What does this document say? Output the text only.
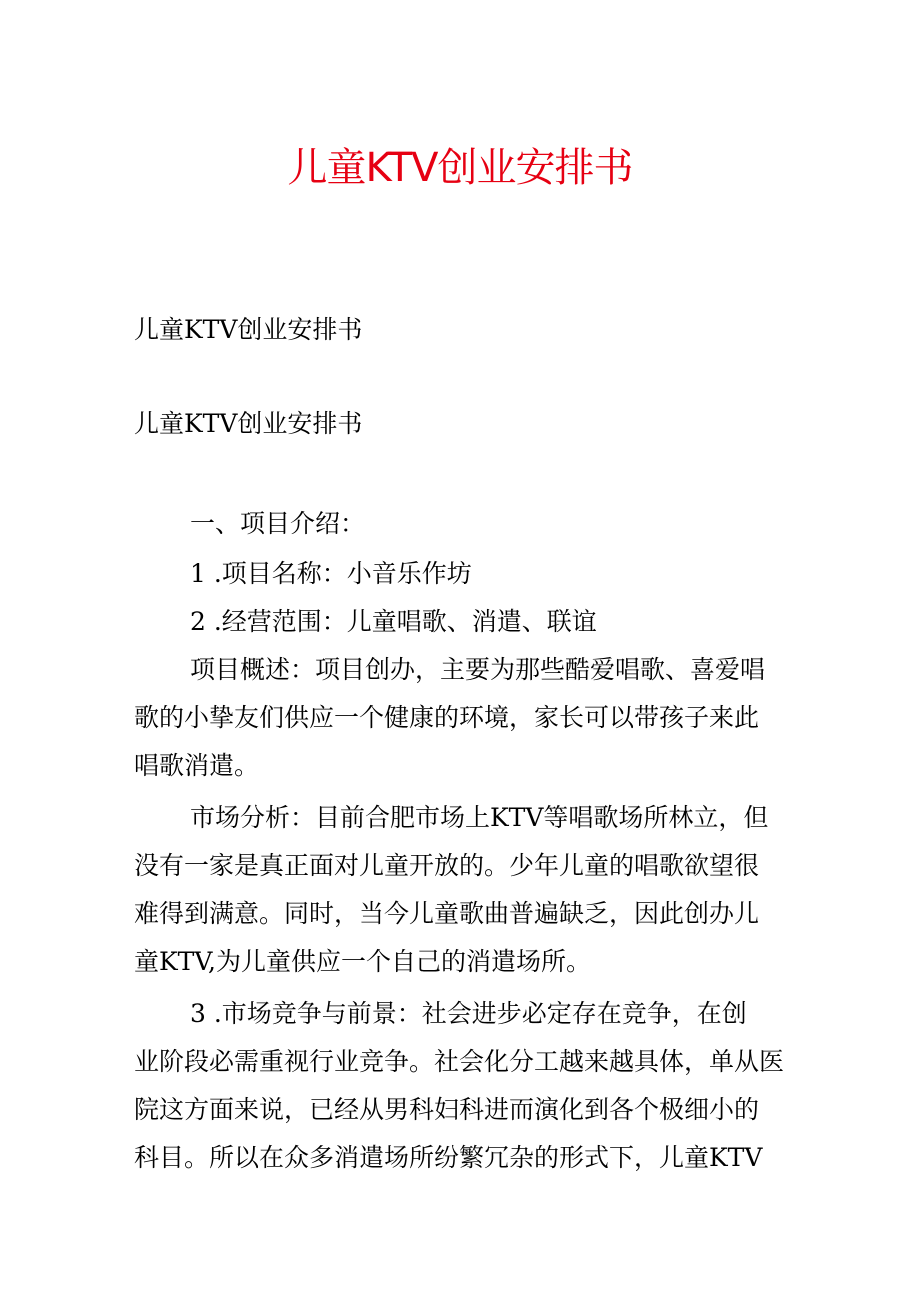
儿童KTV创业安排书
儿童KTV创业安排书
儿童KTV创业安排书
一、项目介绍：
1 .项目名称：小音乐作坊
2 .经营范围：儿童唱歌、消遣、联谊
项目概述：项目创办，主要为那些酷爱唱歌、喜爱唱
歌的小挚友们供应一个健康的环境，家长可以带孩子来此
唱歌消遣。
市场分析：目前合肥市场上KTV等唱歌场所林立，但
没有一家是真正面对儿童开放的。少年儿童的唱歌欲望很
难得到满意。同时，当今儿童歌曲普遍缺乏，因此创办儿
童KTV,为儿童供应一个自己的消遣场所。
3 .市场竞争与前景：社会进步必定存在竞争，在创
业阶段必需重视行业竞争。社会化分工越来越具体，单从医
院这方面来说，已经从男科妇科进而演化到各个极细小的
科目。所以在众多消遣场所纷繁冗杂的形式下，儿童KTV
